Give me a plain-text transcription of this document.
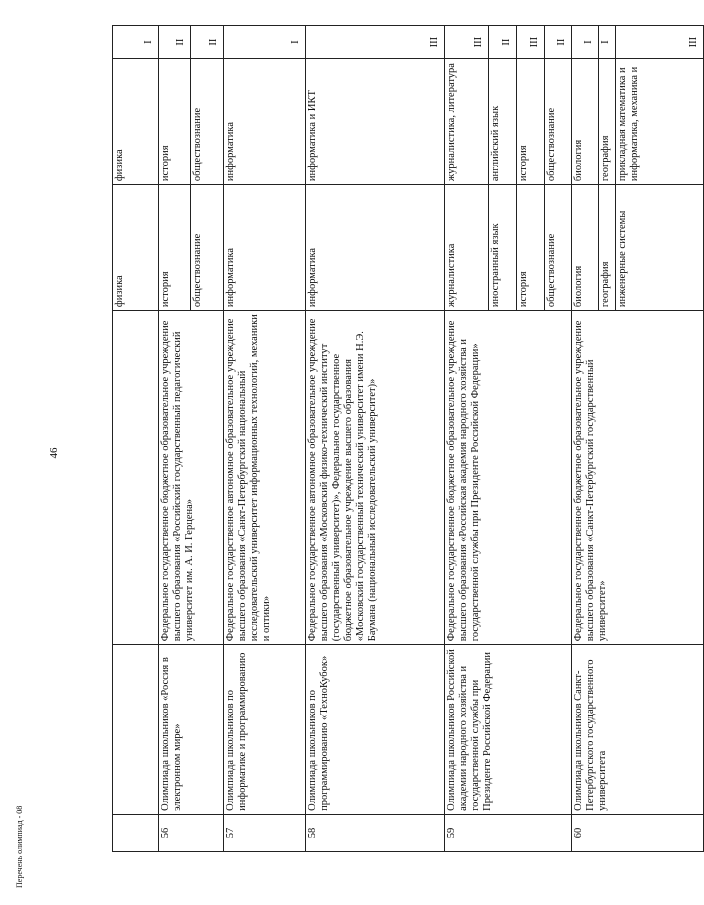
46
Перечень олимпиад - 08
			физика	физика	I
56	Олимпиада школьников «Россия в электронном мире»	Федеральное государственное бюджетное образовательное учреждение высшего образования «Российский государственный педагогический университет им. А. И. Герцена»	история	история	II
			обществознание	обществознание	II
57	Олимпиада школьников по информатике и программированию	Федеральное государственное автономное образовательное учреждение высшего образования «Санкт-Петербургский национальный исследовательский университет информационных технологий, механики и оптики»	информатика	информатика	I
58	Олимпиада школьников по программированию «ТехноКубок»	Федеральное государственное автономное образовательное учреждение высшего образования «Московский физико-технический институт (государственный университет)», Федеральное государственное бюджетное образовательное учреждение высшего образования «Московский государственный технический университет имени Н.Э. Баумана (национальный исследовательский университет)»	информатика	информатика и ИКТ	III
59	Олимпиада школьников Российской академии народного хозяйства и государственной службы при Президенте Российской Федерации	Федеральное государственное бюджетное образовательное учреждение высшего образования «Российская академия народного хозяйства и государственной службы при Президенте Российской Федерации»	журналистика	журналистика, литература	III
			иностранный язык	английский язык	II
			история	история	III
			обществознание	обществознание	II
60	Олимпиада школьников Санкт-Петербургского государственного университета	Федеральное государственное бюджетное образовательное учреждение высшего образования «Санкт-Петербургский государственный университет»	биология	биология	I
			география	география	I
			инженерные системы	прикладная математика и информатика, механика и	III
